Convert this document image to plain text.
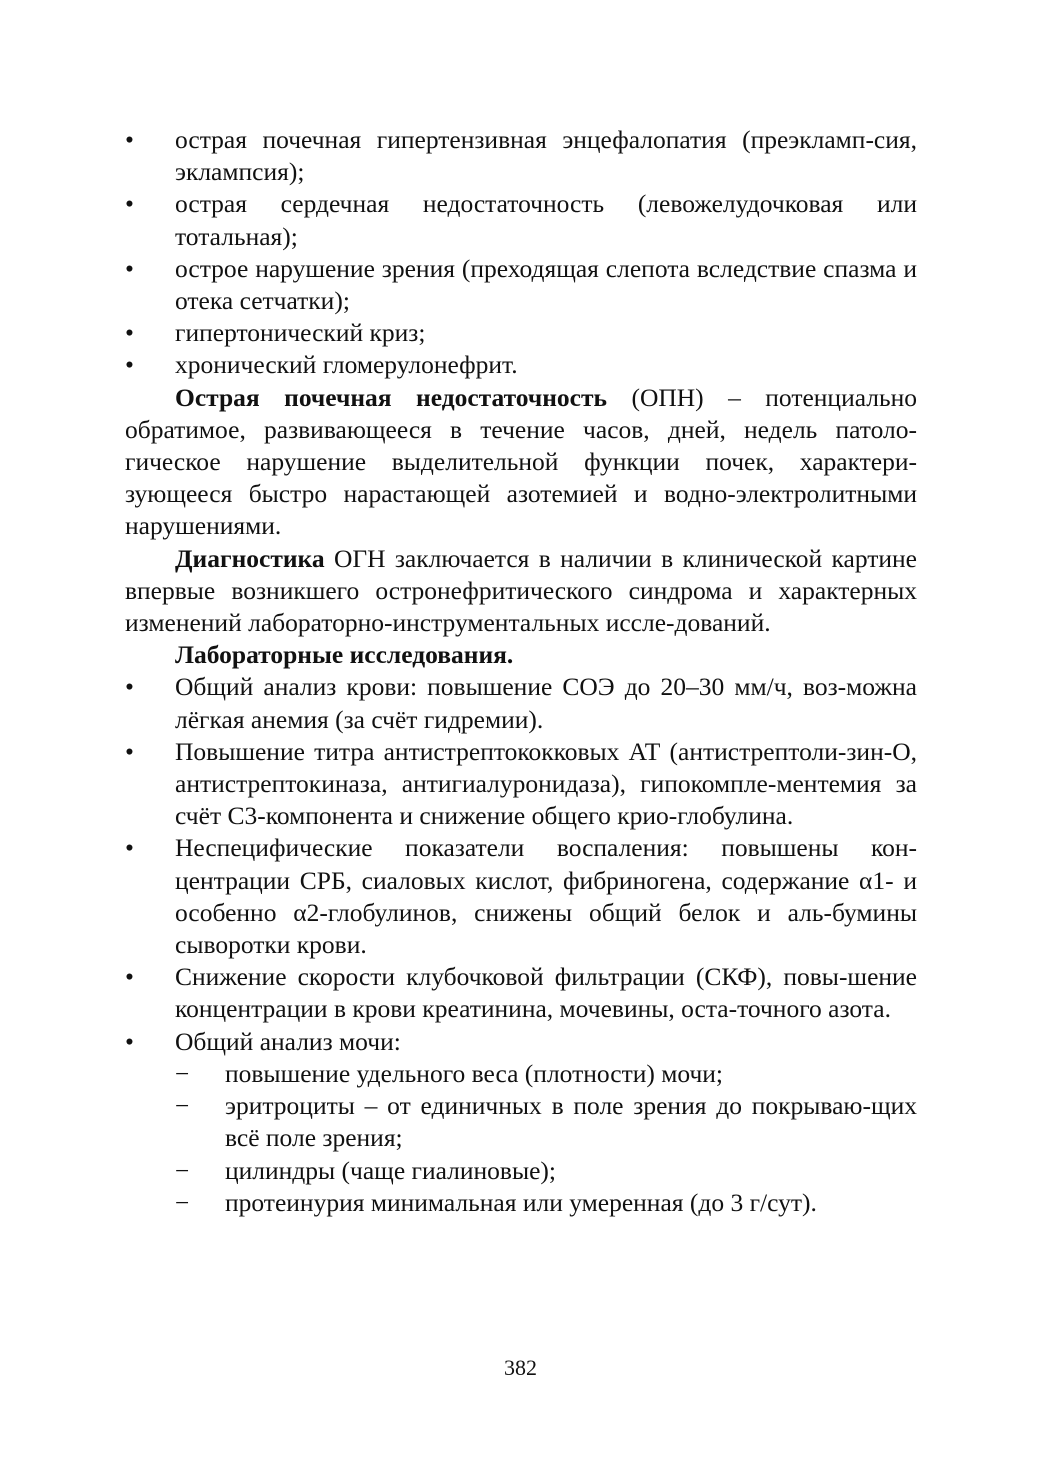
•	острая почечная гипертензивная энцефалопатия (преэкламп-сия, эклампсия);
•	острая сердечная недостаточность (левожелудочковая или тотальная);
•	острое нарушение зрения (преходящая слепота вследствие спазма и отека сетчатки);
•	гипертонический криз;
•	хронический гломерулонефрит.

Острая почечная недостаточность (ОПН) – потенциально обратимое, развивающееся в течение часов, дней, недель патоло-гическое нарушение выделительной функции почек, характери-зующееся быстро нарастающей азотемией и водно-электролитными нарушениями.

Диагностика ОГН заключается в наличии в клинической картине впервые возникшего остронефритического синдрома и характерных изменений лабораторно-инструментальных иссле-дований.

Лабораторные исследования.

•	Общий анализ крови: повышение СОЭ до 20–30 мм/ч, воз-можна лёгкая анемия (за счёт гидремии).
•	Повышение титра антистрептококковых АТ (антистрептоли-зин-О, антистрептокиназа, антигиалуронидаза), гипокомпле-ментемия за счёт С3-компонента и снижение общего крио-глобулина.
•	Неспецифические показатели воспаления: повышены кон-центрации СРБ, сиаловых кислот, фибриногена, содержание α1- и особенно α2-глобулинов, снижены общий белок и аль-бумины сыворотки крови.
•	Снижение скорости клубочковой фильтрации (СКФ), повы-шение концентрации в крови креатинина, мочевины, оста-точного азота.
•	Общий анализ мочи:
−	повышение удельного веса (плотности) мочи;
−	эритроциты – от единичных в поле зрения до покрываю-щих всё поле зрения;
−	цилиндры (чаще гиалиновые);
−	протеинурия минимальная или умеренная (до 3 г/сут).
382
